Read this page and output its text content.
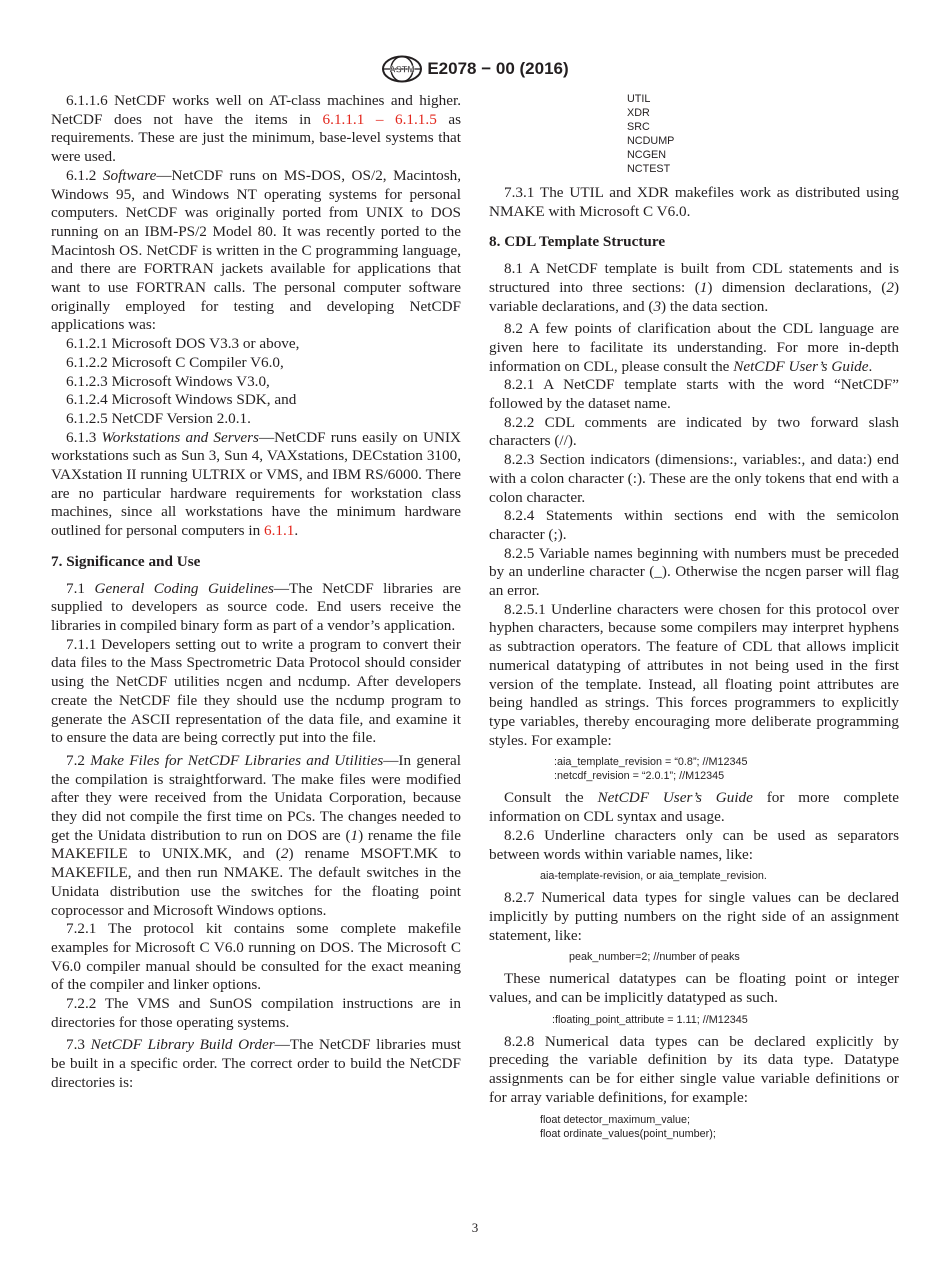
ASTM E2078 − 00 (2016)

6.1.1.6 NetCDF works well on AT-class machines and higher. NetCDF does not have the items in 6.1.1.1 – 6.1.1.5 as requirements. These are just the minimum, base-level systems that were used.

6.1.2 Software—NetCDF runs on MS-DOS, OS/2, Macintosh, Windows 95, and Windows NT operating systems for personal computers. NetCDF was originally ported from UNIX to DOS running on an IBM-PS/2 Model 80. It was recently ported to the Macintosh OS. NetCDF is written in the C programming language, and there are FORTRAN jackets available for applications that want to use FORTRAN calls. The personal computer software originally employed for testing and developing NetCDF applications was:

6.1.2.1 Microsoft DOS V3.3 or above,

6.1.2.2 Microsoft C Compiler V6.0,

6.1.2.3 Microsoft Windows V3.0,

6.1.2.4 Microsoft Windows SDK, and

6.1.2.5 NetCDF Version 2.0.1.

6.1.3 Workstations and Servers—NetCDF runs easily on UNIX workstations such as Sun 3, Sun 4, VAXstations, DECstation 3100, VAXstation II running ULTRIX or VMS, and IBM RS/6000. There are no particular hardware requirements for workstation class machines, since all workstations have the minimum hardware outlined for personal computers in 6.1.1.

7. Significance and Use

7.1 General Coding Guidelines—The NetCDF libraries are supplied to developers as source code. End users receive the libraries in compiled binary form as part of a vendor’s application.

7.1.1 Developers setting out to write a program to convert their data files to the Mass Spectrometric Data Protocol should consider using the NetCDF utilities ncgen and ncdump. After developers create the NetCDF file they should use the ncdump program to generate the ASCII representation of the data file, and examine it to ensure the data are being correctly put into the file.

7.2 Make Files for NetCDF Libraries and Utilities—In general the compilation is straightforward. The make files were modified after they were received from the Unidata Corporation, because they did not compile the first time on PCs. The changes needed to get the Unidata distribution to run on DOS are (1) rename the file MAKEFILE to UNIX.MK, and (2) rename MSOFT.MK to MAKEFILE, and then run NMAKE. The default switches in the Unidata distribution use the switches for the floating point coprocessor and Microsoft Windows options.

7.2.1 The protocol kit contains some complete makefile examples for Microsoft C V6.0 running on DOS. The Microsoft C V6.0 compiler manual should be consulted for the exact meaning of the compiler and linker options.

7.2.2 The VMS and SunOS compilation instructions are in directories for those operating systems.

7.3 NetCDF Library Build Order—The NetCDF libraries must be built in a specific order. The correct order to build the NetCDF directories is:

UTIL
XDR
SRC
NCDUMP
NCGEN
NCTEST

7.3.1 The UTIL and XDR makefiles work as distributed using NMAKE with Microsoft C V6.0.

8. CDL Template Structure

8.1 A NetCDF template is built from CDL statements and is structured into three sections: (1) dimension declarations, (2) variable declarations, and (3) the data section.

8.2 A few points of clarification about the CDL language are given here to facilitate its understanding. For more in-depth information on CDL, please consult the NetCDF User’s Guide.

8.2.1 A NetCDF template starts with the word “NetCDF” followed by the dataset name.

8.2.2 CDL comments are indicated by two forward slash characters (//).

8.2.3 Section indicators (dimensions:, variables:, and data:) end with a colon character (:). These are the only tokens that end with a colon character.

8.2.4 Statements within sections end with the semicolon character (;).

8.2.5 Variable names beginning with numbers must be preceded by an underline character (_). Otherwise the ncgen parser will flag an error.

8.2.5.1 Underline characters were chosen for this protocol over hyphen characters, because some compilers may interpret hyphens as subtraction operators. The feature of CDL that allows implicit numerical datatyping of attributes in not being used in the first version of the template. Instead, all floating point attributes are being handled as strings. This forces programmers to explicitly type variables, thereby encouraging more deliberate programming styles. For example:

:aia_template_revision = “0.8”; //M12345
:netcdf_revision = “2.0.1”; //M12345

Consult the NetCDF User’s Guide for more complete information on CDL syntax and usage.

8.2.6 Underline characters only can be used as separators between words within variable names, like:

aia-template-revision, or aia_template_revision.

8.2.7 Numerical data types for single values can be declared implicitly by putting numbers on the right side of an assignment statement, like:

peak_number=2; //number of peaks

These numerical datatypes can be floating point or integer values, and can be implicitly datatyped as such.

:floating_point_attribute = 1.11; //M12345

8.2.8 Numerical data types can be declared explicitly by preceding the variable definition by its data type. Datatype assignments can be for either single value variable definitions or for array variable definitions, for example:

float detector_maximum_value;
float ordinate_values(point_number);
3
